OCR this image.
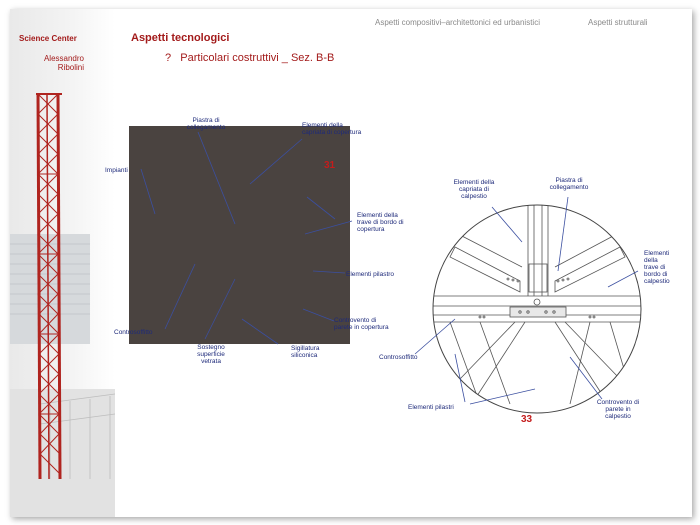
Science Center
Alessandro
Ribolini
Aspetti compositivi–architettonici ed urbanistici	Aspetti strutturali
Aspetti tecnologici
? Particolari costruttivi _ Sez. B-B
31
Piastra di
collegamento	Elementi della
capriata di copertura
Impianti
Elementi della
trave di bordo di
copertura
Elementi pilastro
Controsoffitto
Controvento di
parete in copertura
Sostegno
superficie
vetrata
Sigillatura
siliconica
33
Elementi della
capriata di
calpestio
Piastra di
collegamento
Elementi
della
trave di
bordo di
calpestio
Controsoffitto
Elementi pilastri
Controvento di
parete in
calpestio
